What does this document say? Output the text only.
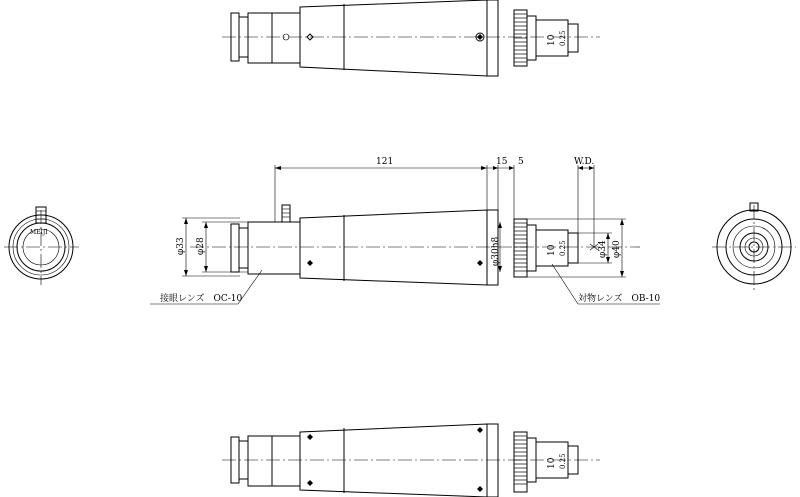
10 0.25
MEIJI
10 0.25
121	15 5	W.D.
φ33 φ28	φ30h8	φ34 φ40
接眼レンズ　OC-10	対物レンズ　OB-10
10 0.25
